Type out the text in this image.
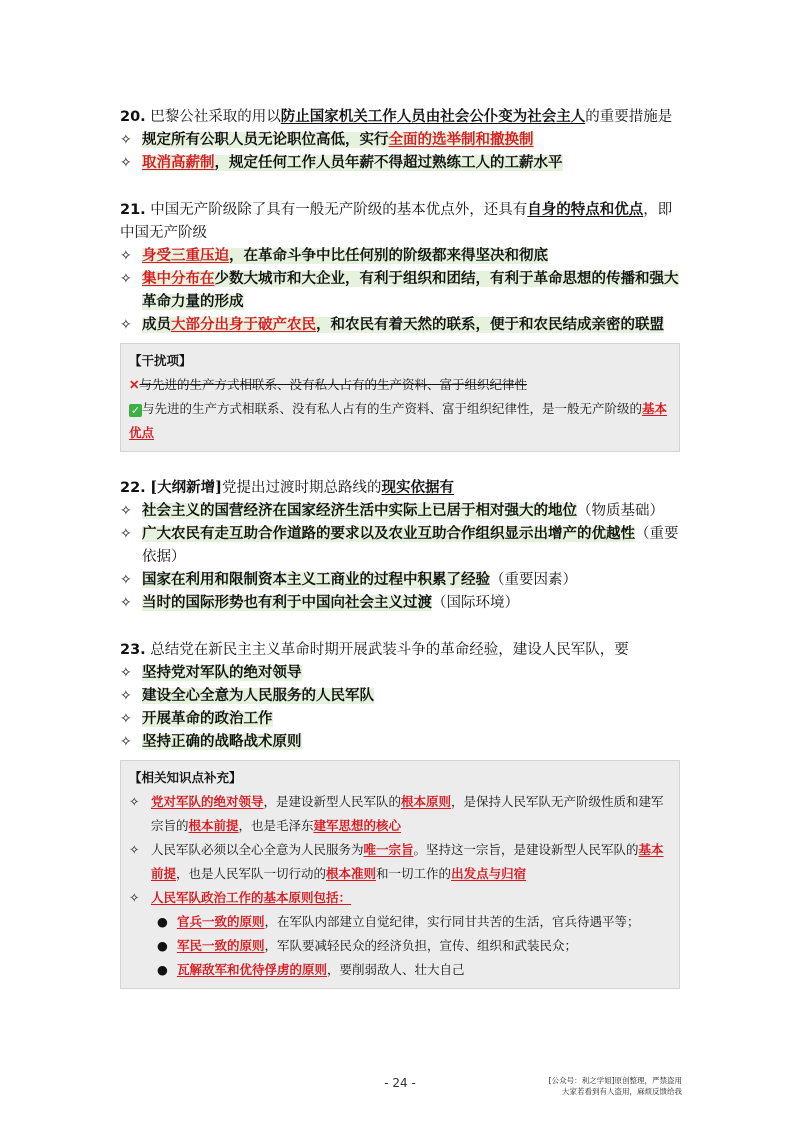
20. 巴黎公社采取的用以防止国家机关工作人员由社会公仆变为社会主人的重要措施是
✧ 规定所有公职人员无论职位高低，实行全面的选举制和撤换制
✧ 取消高薪制，规定任何工作人员年薪不得超过熟练工人的工薪水平
21. 中国无产阶级除了具有一般无产阶级的基本优点外，还具有自身的特点和优点，即中国无产阶级
✧ 身受三重压迫，在革命斗争中比任何别的阶级都来得坚决和彻底
✧ 集中分布在少数大城市和大企业，有利于组织和团结，有利于革命思想的传播和强大革命力量的形成
✧ 成员大部分出身于破产农民，和农民有着天然的联系，便于和农民结成亲密的联盟
【干扰项】
✕与先进的生产方式相联系、没有私人占有的生产资料、富于组织纪律性
✓ 与先进的生产方式相联系、没有私人占有的生产资料、富于组织纪律性，是一般无产阶级的基本优点
22. [大纲新增]党提出过渡时期总路线的现实依据有
✧ 社会主义的国营经济在国家经济生活中实际上已居于相对强大的地位（物质基础）
✧ 广大农民有走互助合作道路的要求以及农业互助合作组织显示出增产的优越性（重要依据）
✧ 国家在利用和限制资本主义工商业的过程中积累了经验（重要因素）
✧ 当时的国际形势也有利于中国向社会主义过渡（国际环境）
23. 总结党在新民主主义革命时期开展武装斗争的革命经验，建设人民军队，要
✧ 坚持党对军队的绝对领导
✧ 建设全心全意为人民服务的人民军队
✧ 开展革命的政治工作
✧ 坚持正确的战略战术原则
【相关知识点补充】
✧ 党对军队的绝对领导，是建设新型人民军队的根本原则，是保持人民军队无产阶级性质和建军宗旨的根本前提，也是毛泽东建军思想的核心
✧ 人民军队必须以全心全意为人民服务为唯一宗旨。坚持这一宗旨，是建设新型人民军队的基本前提，也是人民军队一切行动的根本准则和一切工作的出发点与归宿
✧ 人民军队政治工作的基本原则包括：
● 官兵一致的原则，在军队内部建立自觉纪律，实行同甘共苦的生活，官兵待遇平等；
● 军民一致的原则，军队要减轻民众的经济负担，宣传、组织和武装民众；
● 瓦解敌军和优待俘虏的原则，要削弱敌人、壮大自己
- 24 -	[公众号：利之学姐]原创整理，严禁盗用
大家若看到有人盗用，麻烦反馈给我
